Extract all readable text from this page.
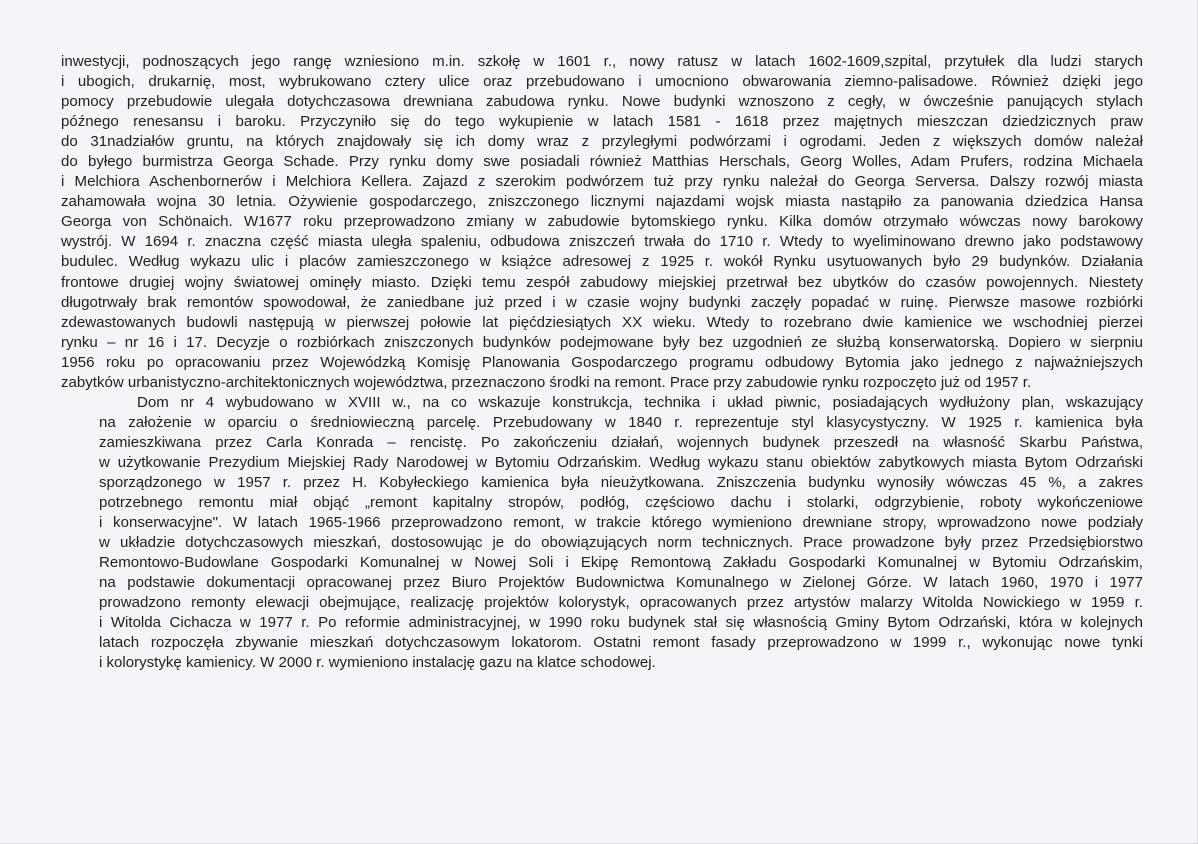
inwestycji, podnoszących jego rangę wzniesiono m.in. szkołę w 1601 r., nowy ratusz w latach 1602-1609,szpital, przytułek dla ludzi starych
i ubogich, drukarnię, most, wybrukowano cztery ulice oraz przebudowano i umocniono obwarowania ziemno-palisadowe. Również dzięki jego
pomocy przebudowie ulegała dotychczasowa drewniana zabudowa rynku. Nowe budynki wznoszono z cegły, w ówcześnie panujących stylach
późnego renesansu i baroku. Przyczyniło się do tego wykupienie w latach 1581 - 1618 przez majętnych mieszczan dziedzicznych praw
do 31nadziałów gruntu, na których znajdowały się ich domy wraz z przyległymi podwórzami i ogrodami. Jeden z większych domów należał
do byłego burmistrza Georga Schade. Przy rynku domy swe posiadali również Matthias Herschals, Georg Wolles, Adam Prufers, rodzina Michaela
i Melchiora Aschenbornerów i Melchiora Kellera. Zajazd z szerokim podwórzem tuż przy rynku należał do Georga Serversa. Dalszy rozwój miasta
zahamowała wojna 30 letnia. Ożywienie gospodarczego, zniszczonego licznymi najazdami wojsk miasta nastąpiło za panowania dziedzica Hansa
Georga von Schönaich. W1677 roku przeprowadzono zmiany w zabudowie bytomskiego rynku. Kilka domów otrzymało wówczas nowy barokowy
wystrój. W 1694 r. znaczna część miasta uległa spaleniu, odbudowa zniszczeń trwała do 1710 r. Wtedy to wyeliminowano drewno jako podstawowy
budulec. Według wykazu ulic i placów zamieszczonego w książce adresowej z 1925 r. wokół Rynku usytuowanych było 29 budynków. Działania
frontowe drugiej wojny światowej ominęły miasto. Dzięki temu zespół zabudowy miejskiej przetrwał bez ubytków do czasów powojennych. Niestety
długotrwały brak remontów spowodował, że zaniedbane już przed i w czasie wojny budynki zaczęły popadać w ruinę. Pierwsze masowe rozbiórki
zdewastowanych budowli następują w pierwszej połowie lat pięćdziesiątych XX wieku. Wtedy to rozebrano dwie kamienice we wschodniej pierzei
rynku – nr 16 i 17. Decyzje o rozbiórkach zniszczonych budynków podejmowane były bez uzgodnień ze służbą konserwatorską. Dopiero w sierpniu
1956 roku po opracowaniu przez Wojewódzką Komisję Planowania Gospodarczego programu odbudowy Bytomia jako jednego z najważniejszych
zabytków urbanistyczno-architektonicznych województwa, przeznaczono środki na remont. Prace przy zabudowie rynku rozpoczęto już od 1957 r.
Dom nr 4 wybudowano w XVIII w., na co wskazuje konstrukcja, technika i układ piwnic, posiadających wydłużony plan, wskazujący
na założenie w oparciu o średniowieczną parcelę. Przebudowany w 1840 r. reprezentuje styl klasycystyczny. W 1925 r. kamienica była
zamieszkiwana przez Carla Konrada – rencistę. Po zakończeniu działań, wojennych budynek przeszedł na własność Skarbu Państwa,
w użytkowanie Prezydium Miejskiej Rady Narodowej w Bytomiu Odrzańskim. Według wykazu stanu obiektów zabytkowych miasta Bytom Odrzański
sporządzonego w 1957 r. przez H. Kobyłeckiego kamienica była nieużytkowana. Zniszczenia budynku wynosiły wówczas 45 %, a zakres
potrzebnego remontu miał objąć „remont kapitalny stropów, podłóg, częściowo dachu i stolarki, odgrzybienie, roboty wykończeniowe
i konserwacyjne". W latach 1965-1966 przeprowadzono remont, w trakcie którego wymieniono drewniane stropy, wprowadzono nowe podziały
w układzie dotychczasowych mieszkań, dostosowując je do obowiązujących norm technicznych. Prace prowadzone były przez Przedsiębiorstwo
Remontowo-Budowlane Gospodarki Komunalnej w Nowej Soli i Ekipę Remontową Zakładu Gospodarki Komunalnej w Bytomiu Odrzańskim,
na podstawie dokumentacji opracowanej przez Biuro Projektów Budownictwa Komunalnego w Zielonej Górze. W latach 1960, 1970 i 1977
prowadzono remonty elewacji obejmujące, realizację projektów kolorystyk, opracowanych przez artystów malarzy Witolda Nowickiego w 1959 r.
i Witolda Cichacza w 1977 r. Po reformie administracyjnej, w 1990 roku budynek stał się własnością Gminy Bytom Odrzański, która w kolejnych
latach rozpoczęła zbywanie mieszkań dotychczasowym lokatorom. Ostatni remont fasady przeprowadzono w 1999 r., wykonując nowe tynki
i kolorystykę kamienicy. W 2000 r. wymieniono instalację gazu na klatce schodowej.
